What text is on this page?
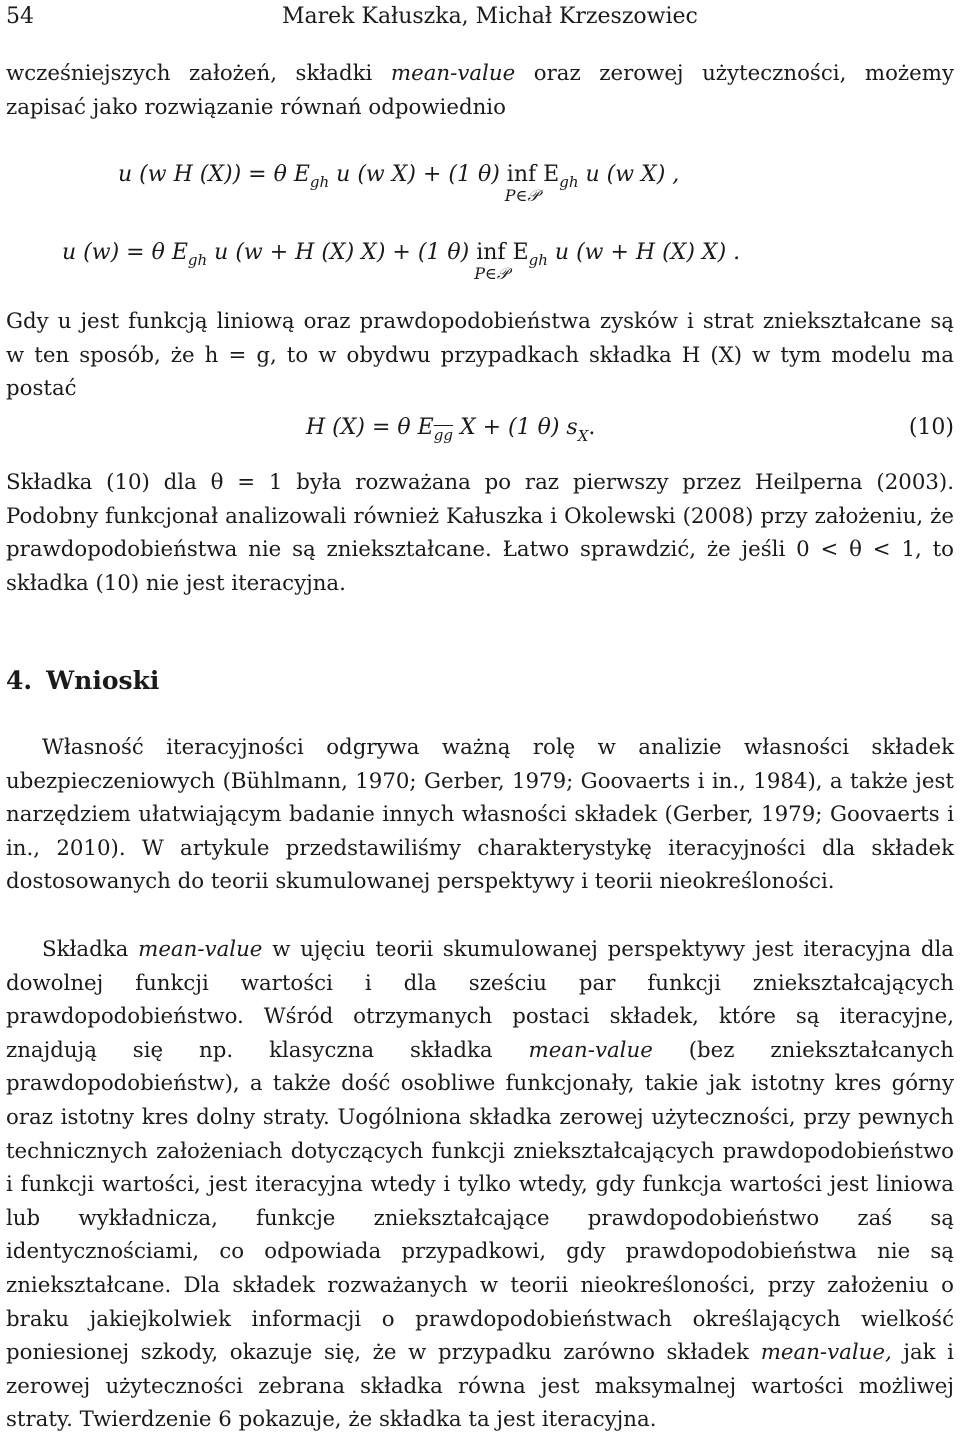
54	Marek Kałuszka, Michał Krzeszowiec
wcześniejszych założeń, składki mean-value oraz zerowej użyteczności, możemy zapisać jako rozwiązanie równań odpowiednio
u (w H (X)) = θ $E_{gh}$ u (w X) + (1 θ) inf
P∈𝒫
$E_{gh}$ u (w X) ,
u (w) = θ $E_{gh}$ u (w + H (X) X) + (1 θ) inf
P∈𝒫
$E_{gh}$ u (w + H (X) X) .
Gdy u jest funkcją liniową oraz prawdopodobieństwa zysków i strat zniekształcane są w ten sposób, że h = g, to w obydwu przypadkach składka H (X) w tym modelu ma postać
H (X) = θ $E_{\overline{gg}}$ X + (1 θ) $s_X$.	(10)
Składka (10) dla θ = 1 była rozważana po raz pierwszy przez Heilperna (2003). Podobny funkcjonał analizowali również Kałuszka i Okolewski (2008) przy założeniu, że prawdopodobieństwa nie są zniekształcane. Łatwo sprawdzić, że jeśli 0 < θ < 1, to składka (10) nie jest iteracyjna.
4. Wnioski
Własność iteracyjności odgrywa ważną rolę w analizie własności składek ubezpieczeniowych (Bühlmann, 1970; Gerber, 1979; Goovaerts i in., 1984), a także jest narzędziem ułatwiającym badanie innych własności składek (Gerber, 1979; Goovaerts i in., 2010). W artykule przedstawiliśmy charakterystykę iteracyjności dla składek dostosowanych do teorii skumulowanej perspektywy i teorii nieokreśloności.
Składka mean-value w ujęciu teorii skumulowanej perspektywy jest iteracyjna dla dowolnej funkcji wartości i dla sześciu par funkcji zniekształcających prawdopodobieństwo. Wśród otrzymanych postaci składek, które są iteracyjne, znajdują się np. klasyczna składka mean-value (bez zniekształcanych prawdopodobieństw), a także dość osobliwe funkcjonały, takie jak istotny kres górny oraz istotny kres dolny straty. Uogólniona składka zerowej użyteczności, przy pewnych technicznych założeniach dotyczących funkcji zniekształcających prawdopodobieństwo i funkcji wartości, jest iteracyjna wtedy i tylko wtedy, gdy funkcja wartości jest liniowa lub wykładnicza, funkcje zniekształcające prawdopodobieństwo zaś są identycznościami, co odpowiada przypadkowi, gdy prawdopodobieństwa nie są zniekształcane. Dla składek rozważanych w teorii nieokreśloności, przy założeniu o braku jakiejkolwiek informacji o prawdopodobieństwach określających wielkość poniesionej szkody, okazuje się, że w przypadku zarówno składek mean-value, jak i zerowej użyteczności zebrana składka równa jest maksymalnej wartości możliwej straty. Twierdzenie 6 pokazuje, że składka ta jest iteracyjna.
